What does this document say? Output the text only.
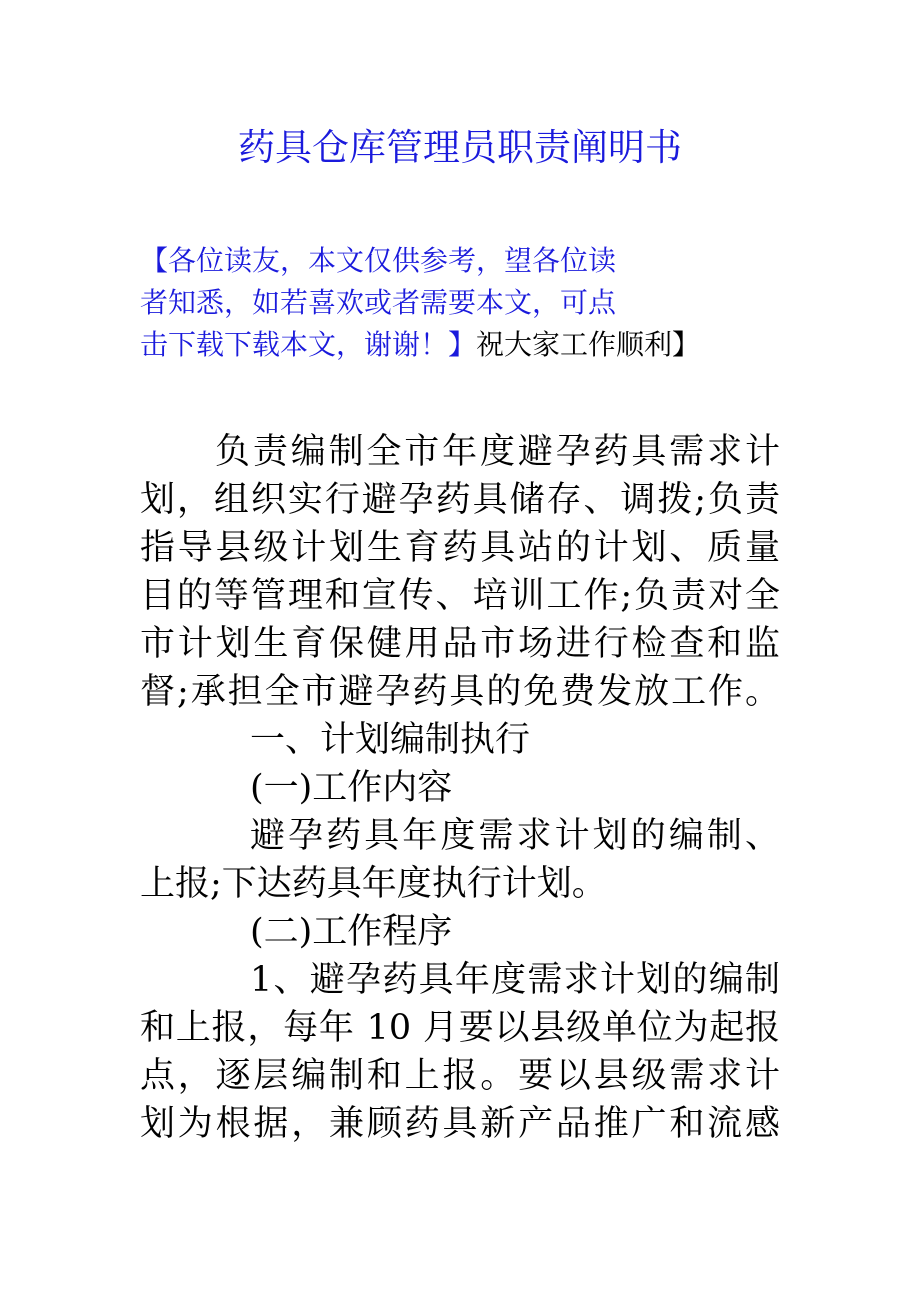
药具仓库管理员职责阐明书
【各位读友，本文仅供参考，望各位读
者知悉，如若喜欢或者需要本文，可点
击下载下载本文，谢谢！】祝大家工作顺利】
负责编制全市年度避孕药具需求计
划，组织实行避孕药具储存、调拨;负责
指导县级计划生育药具站的计划、质量
目的等管理和宣传、培训工作;负责对全
市计划生育保健用品市场进行检查和监
督;承担全市避孕药具的免费发放工作。
一、计划编制执行
(一)工作内容
避孕药具年度需求计划的编制、
上报;下达药具年度执行计划。
(二)工作程序
1、避孕药具年度需求计划的编制
和上报，每年 10 月要以县级单位为起报
点，逐层编制和上报。要以县级需求计
划为根据，兼顾药具新产品推广和流感
